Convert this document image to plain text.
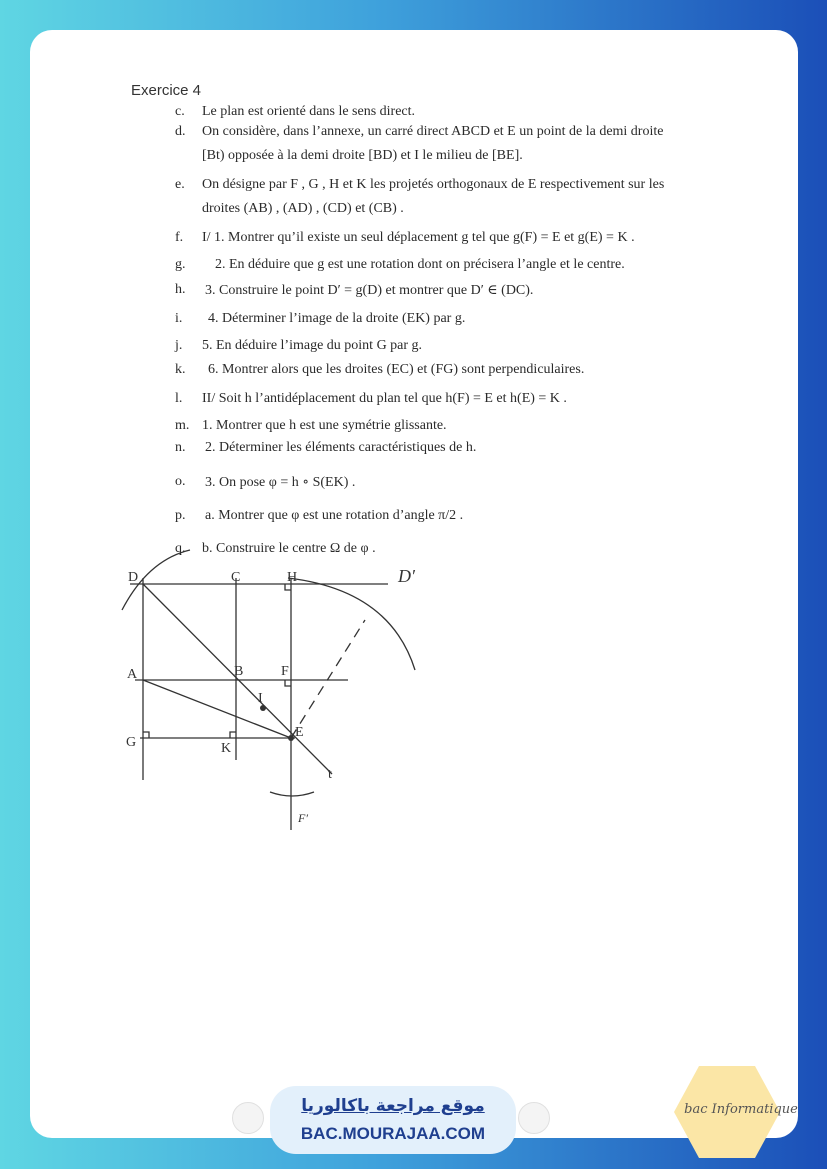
Exercice 4
c.	Le plan est orienté dans le sens direct.
d.	On considère, dans l’annexe, un carré direct ABCD et E un point de la demi droite
[Bt) opposée à la demi droite [BD) et I le milieu de [BE].
e.	On désigne par F , G , H et K les projetés orthogonaux de E respectivement sur les
droites (AB) , (AD) , (CD) et (CB) .
f.	I/ 1. Montrer qu’il existe un seul déplacement g tel que g(F) = E et g(E) = K .
g.	2. En déduire que g est une rotation dont on précisera l’angle et le centre.
h.	3. Construire le point D′ = g(D) et montrer que D′ ∈ (DC).
i.	4. Déterminer l’image de la droite (EK) par g.
j.	5. En déduire l’image du point G par g.
k.	6. Montrer alors que les droites (EC) et (FG) sont perpendiculaires.
l.	II/ Soit h l’antidéplacement du plan tel que h(F) = E et h(E) = K .
m. 1. Montrer que h est une symétrie glissante.
n.	2. Déterminer les éléments caractéristiques de h.
o.	3. On pose φ = h ∘ S(EK) .
p.	a. Montrer que φ est une rotation d’angle π/2 .
q.	b. Construire le centre Ω de φ .
D	C	H	D′
A	B	F
I
G	K
E
t
F′
موقع مراجعة باكالوريا
BAC.MOURAJAA.COM
bac Informatique
